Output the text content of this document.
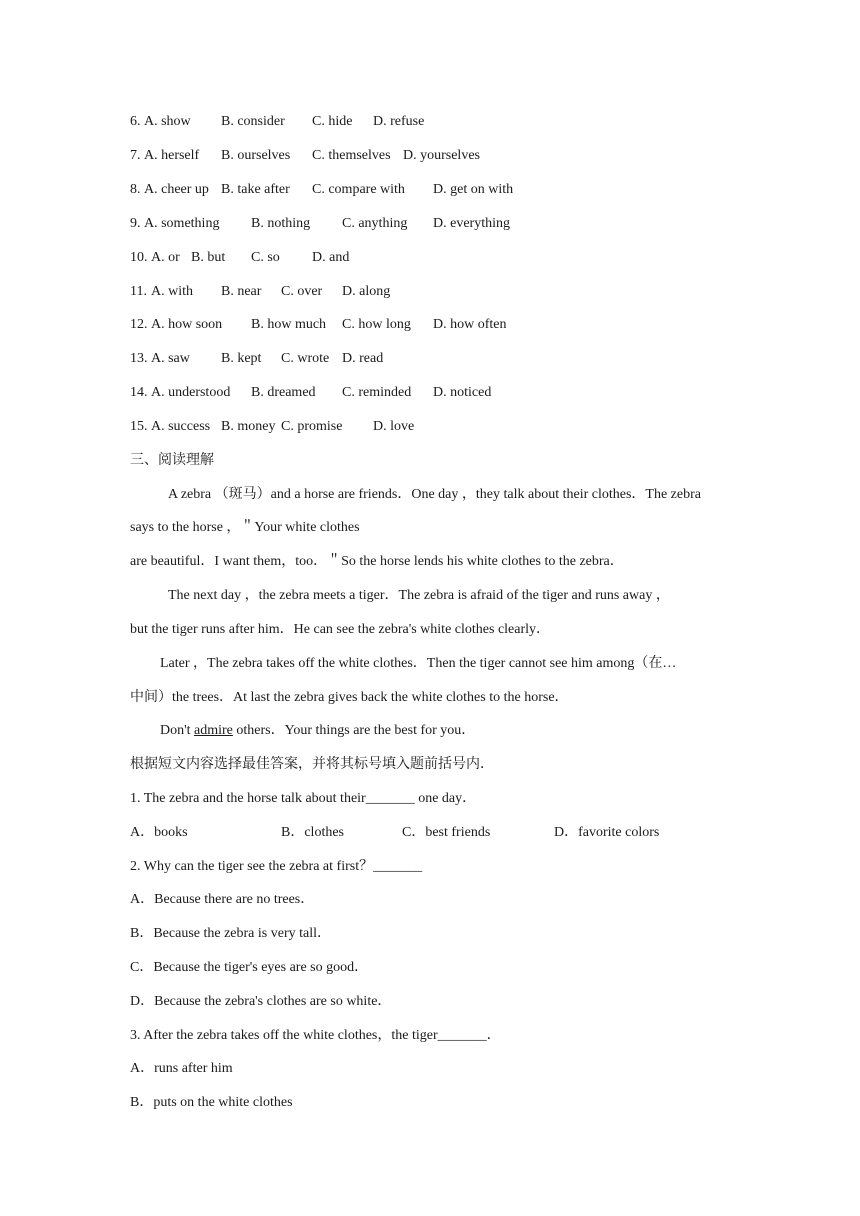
6. A. show B. consider C. hide D. refuse
7. A. herself B. ourselves C. themselves D. yourselves
8. A. cheer up B. take after C. compare with D. get on with
9. A. something B. nothing C. anything D. everything
10. A. or B. but C. so D. and
11. A. with B. near C. over D. along
12. A. how soon B. how much C. how long D. how often
13. A. saw B. kept C. wrote D. read
14. A. understood B. dreamed C. reminded D. noticed
15. A. success B. money C. promise D. love
三、阅读理解
A zebra （斑马）and a horse are friends．One day ，they talk about their clothes．The zebra
says to the horse ，＂Your white clothes
are beautiful．I want them，too．＂So the horse lends his white clothes to the zebra．
The next day ，the zebra meets a tiger．The zebra is afraid of the tiger and runs away ，
but the tiger runs after him．He can see the zebra's white clothes clearly．
Later ，The zebra takes off the white clothes．Then the tiger cannot see him among（在…
中间）the trees．At last the zebra gives back the white clothes to the horse．
Don't admire others．Your things are the best for you．
根据短文内容选择最佳答案，并将其标号填入题前括号内．
1. The zebra and the horse talk about their_______ one day．
A．books	B．clothes	C．best friends	D．favorite colors
2. Why can the tiger see the zebra at first？_______
A．Because there are no trees．
B．Because the zebra is very tall．
C．Because the tiger's eyes are so good．
D．Because the zebra's clothes are so white．
3. After the zebra takes off the white clothes，the tiger_______．
A．runs after him
B．puts on the white clothes
